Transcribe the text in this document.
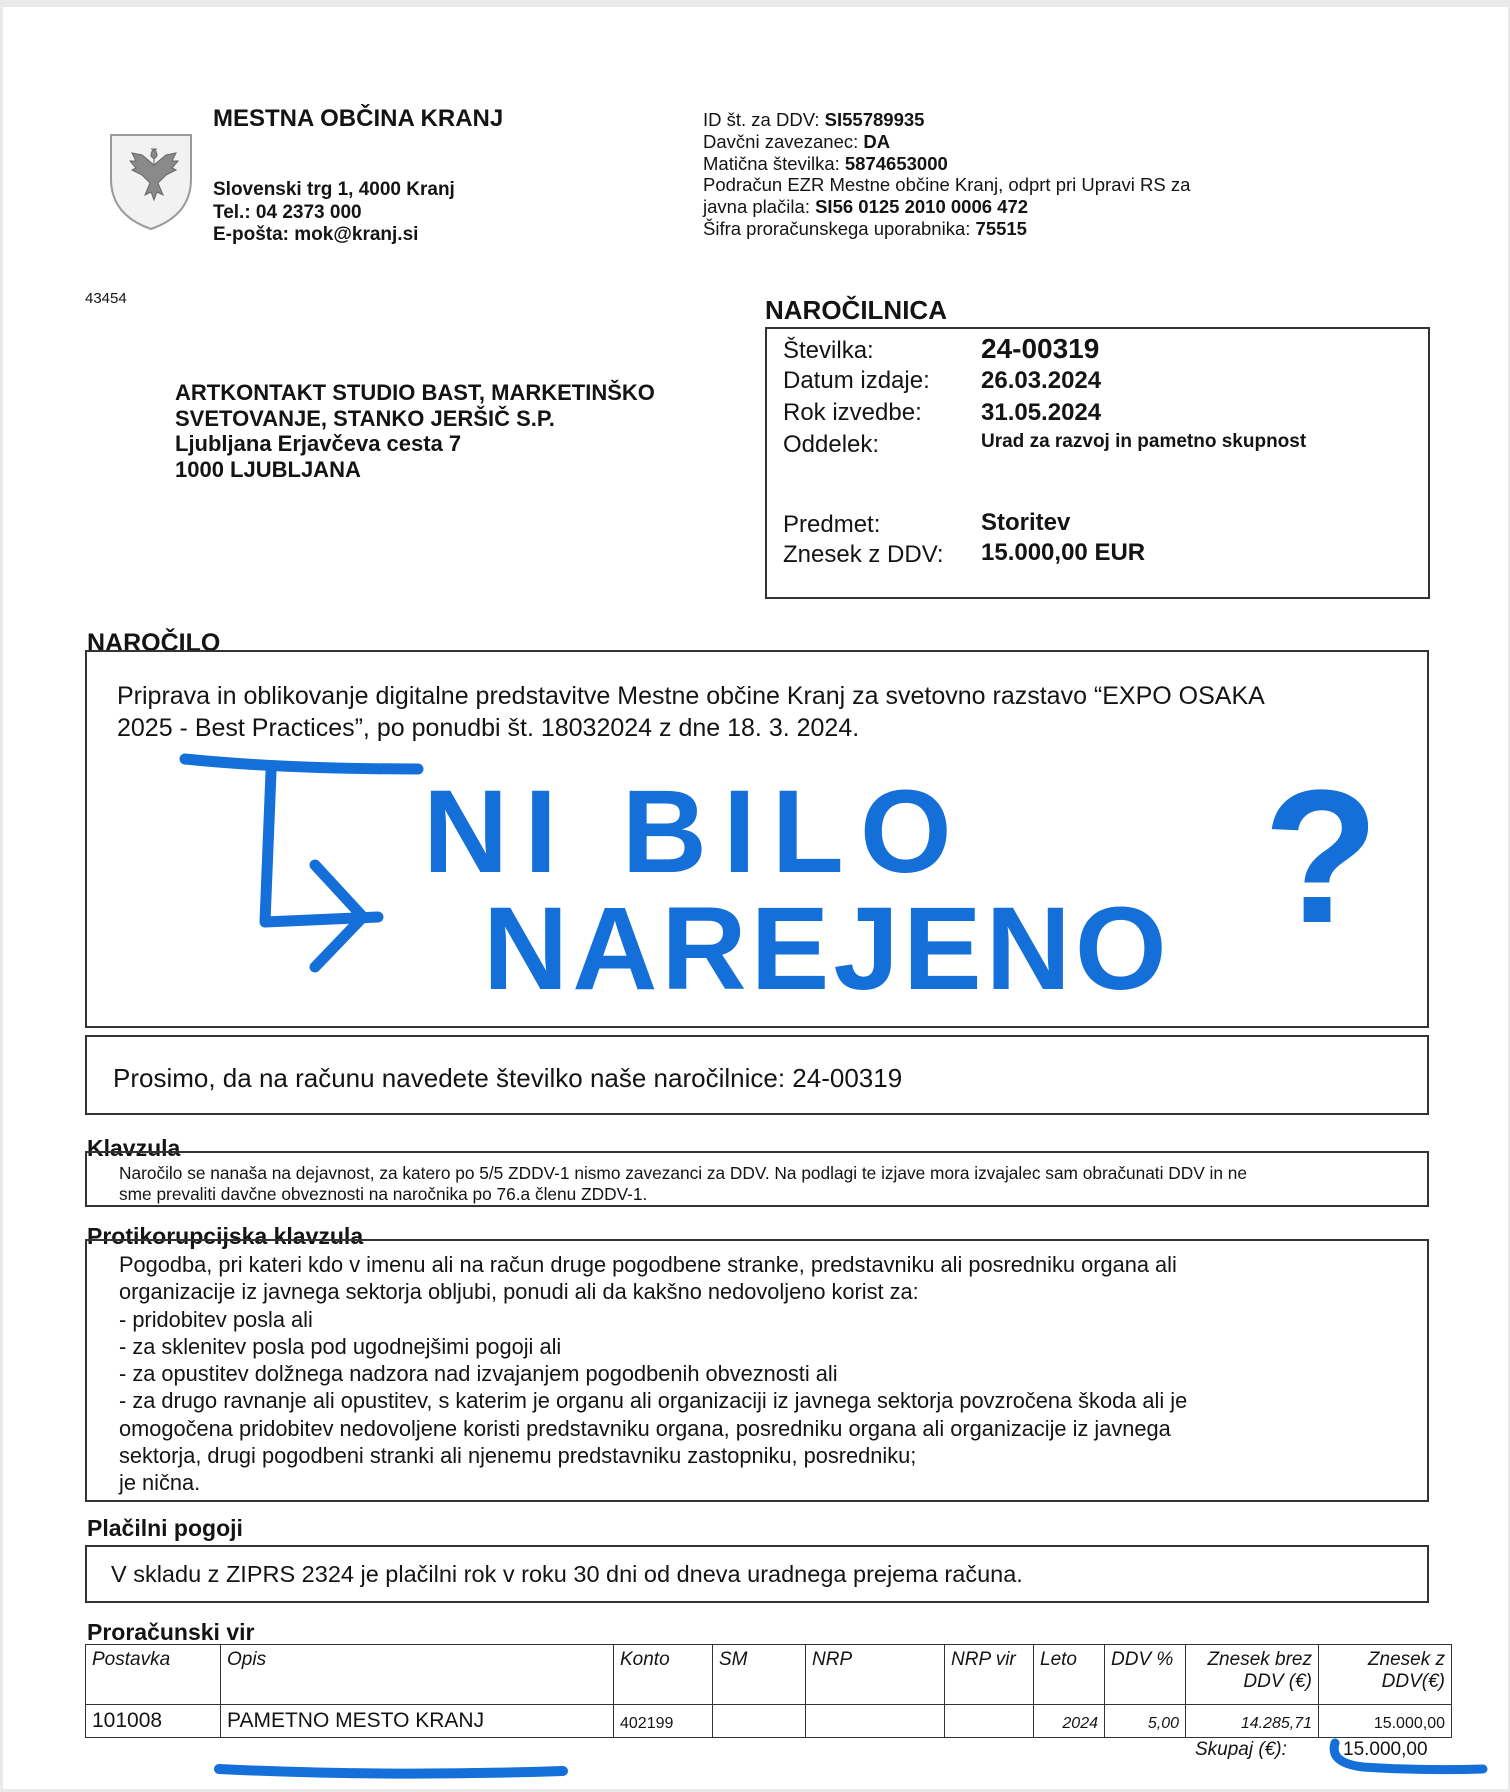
MESTNA OBČINA KRANJ
Slovenski trg 1, 4000 Kranj
Tel.: 04 2373 000
E-pošta: mok@kranj.si
ID št. za DDV: SI55789935
Davčni zavezanec: DA
Matična številka: 5874653000
Podračun EZR Mestne občine Kranj, odprt pri Upravi RS za
javna plačila: SI56 0125 2010 0006 472
Šifra proračunskega uporabnika: 75515
43454
ARTKONTAKT STUDIO BAST, MARKETINŠKO
SVETOVANJE, STANKO JERŠIČ S.P.
Ljubljana Erjavčeva cesta 7
1000 LJUBLJANA
NAROČILNICA
Številka:	24-00319
Datum izdaje: 26.03.2024
Rok izvedbe: 31.05.2024
Oddelek:	Urad za razvoj in pametno skupnost
Predmet:	Storitev
Znesek z DDV: 15.000,00 EUR
NAROČILO
Priprava in oblikovanje digitalne predstavitve Mestne občine Kranj za svetovno razstavo “EXPO OSAKA
2025 - Best Practices”, po ponudbi št. 18032024 z dne 18. 3. 2024.
NI BILO
NAREJENO ?
Prosimo, da na računu navedete številko naše naročilnice: 24-00319
Klavzula
Naročilo se nanaša na dejavnost, za katero po 5/5 ZDDV-1 nismo zavezanci za DDV. Na podlagi te izjave mora izvajalec sam obračunati DDV in ne
sme prevaliti davčne obveznosti na naročnika po 76.a členu ZDDV-1.
Protikorupcijska klavzula
Pogodba, pri kateri kdo v imenu ali na račun druge pogodbene stranke, predstavniku ali posredniku organa ali
organizacije iz javnega sektorja obljubi, ponudi ali da kakšno nedovoljeno korist za:
- pridobitev posla ali
- za sklenitev posla pod ugodnejšimi pogoji ali
- za opustitev dolžnega nadzora nad izvajanjem pogodbenih obveznosti ali
- za drugo ravnanje ali opustitev, s katerim je organu ali organizaciji iz javnega sektorja povzročena škoda ali je
omogočena pridobitev nedovoljene koristi predstavniku organa, posredniku organa ali organizacije iz javnega
sektorja, drugi pogodbeni stranki ali njenemu predstavniku zastopniku, posredniku;
je nična.
Plačilni pogoji
V skladu z ZIPRS 2324 je plačilni rok v roku 30 dni od dneva uradnega prejema računa.
Proračunski vir
Postavka	Opis	Konto	SM	NRP	NRP vir	Leto	DDV %	Znesek brez DDV (€)	Znesek z DDV(€)
101008	PAMETNO MESTO KRANJ	402199				2024	5,00	14.285,71	15.000,00
Skupaj (€):	15.000,00
